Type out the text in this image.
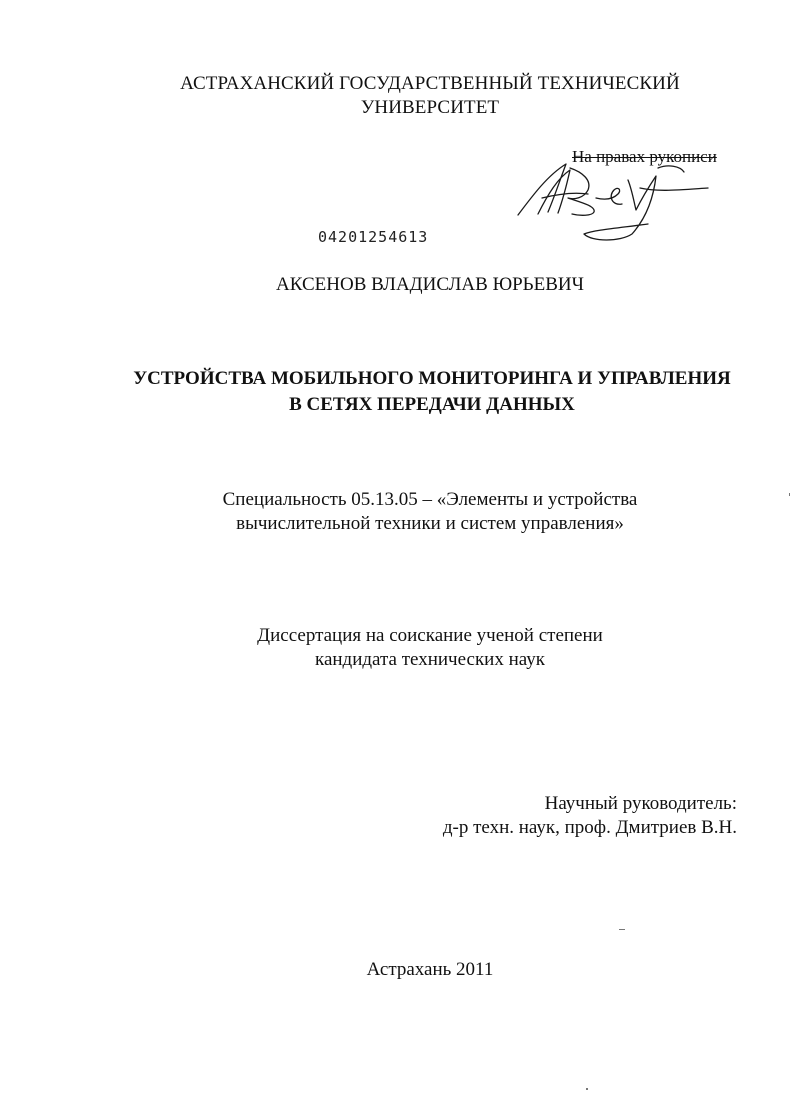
АСТРАХАНСКИЙ ГОСУДАРСТВЕННЫЙ ТЕХНИЧЕСКИЙ
УНИВЕРСИТЕТ
На правах рукописи
04201254613
АКСЕНОВ ВЛАДИСЛАВ ЮРЬЕВИЧ
УСТРОЙСТВА МОБИЛЬНОГО МОНИТОРИНГА И УПРАВЛЕНИЯ
В СЕТЯХ ПЕРЕДАЧИ ДАННЫХ
Специальность 05.13.05 – «Элементы и устройства
вычислительной техники и систем управления»
Диссертация на соискание ученой степени
кандидата технических наук
Научный руководитель:
д-р техн. наук, проф. Дмитриев В.Н.
Астрахань 2011
